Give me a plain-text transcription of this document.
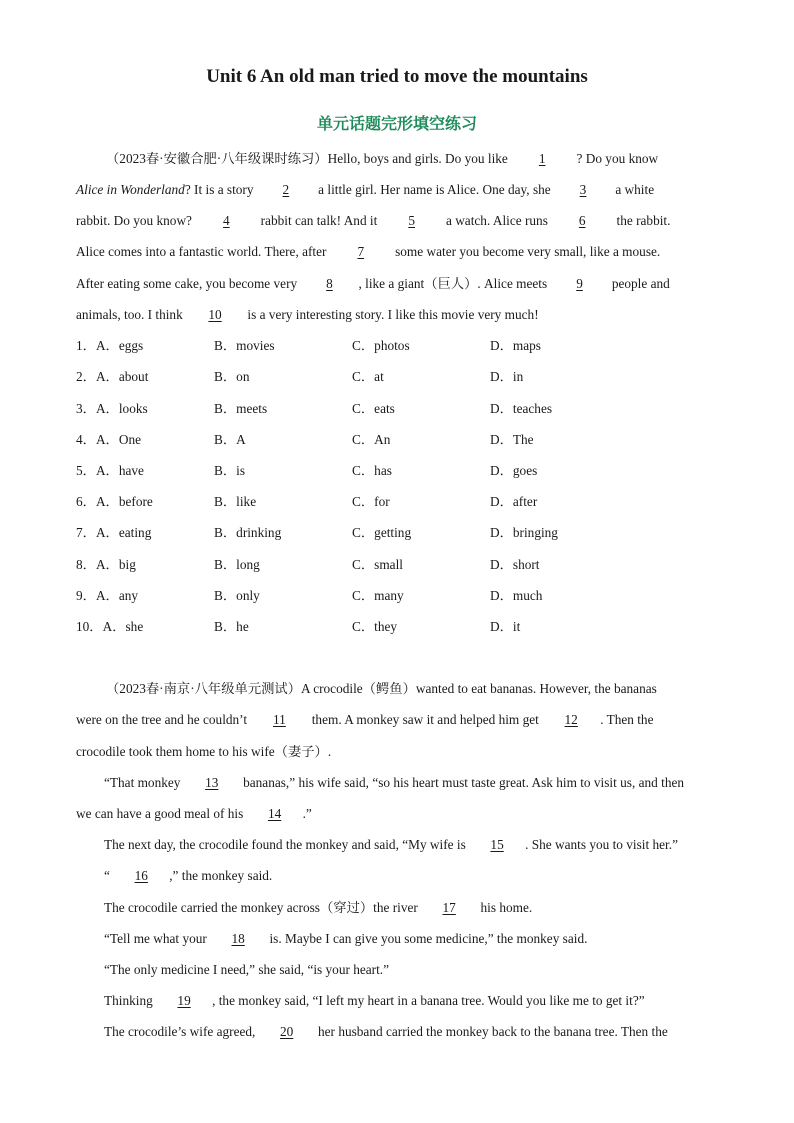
Unit 6 An old man tried to move the mountains
单元话题完形填空练习
（2023春·安徽合肥·八年级课时练习）Hello, boys and girls. Do you like 1 ? Do you know
Alice in Wonderland? It is a story 2 a little girl. Her name is Alice. One day, she 3 a white
rabbit. Do you know? 4 rabbit can talk! And it 5 a watch. Alice runs 6 the rabbit.
Alice comes into a fantastic world. There, after 7 some water you become very small, like a mouse.
After eating some cake, you become very 8 , like a giant（巨人）. Alice meets 9 people and
animals, too. I think 10 is a very interesting story. I like this movie very much!
1．A．eggs	B．movies	C．photos	D．maps
2．A．about	B．on	C．at	D．in
3．A．looks	B．meets	C．eats	D．teaches
4．A．One	B．A	C．An	D．The
5．A．have	B．is	C．has	D．goes
6．A．before	B．like	C．for	D．after
7．A．eating	B．drinking	C．getting	D．bringing
8．A．big	B．long	C．small	D．short
9．A．any	B．only	C．many	D．much
10．A．she	B．he	C．they	D．it
（2023春·南京·八年级单元测试）A crocodile（鳄鱼）wanted to eat bananas. However, the bananas
were on the tree and he couldn’t 11 them. A monkey saw it and helped him get 12 . Then the
crocodile took them home to his wife（妻子）.
“That monkey 13 bananas,” his wife said, “so his heart must taste great. Ask him to visit us, and then
we can have a good meal of his 14 .”
The next day, the crocodile found the monkey and said, “My wife is 15 . She wants you to visit her.”
“ 16 ,” the monkey said.
The crocodile carried the monkey across（穿过）the river 17 his home.
“Tell me what your 18 is. Maybe I can give you some medicine,” the monkey said.
“The only medicine I need,” she said, “is your heart.”
Thinking 19 , the monkey said, “I left my heart in a banana tree. Would you like me to get it?”
The crocodile’s wife agreed, 20 her husband carried the monkey back to the banana tree. Then the
